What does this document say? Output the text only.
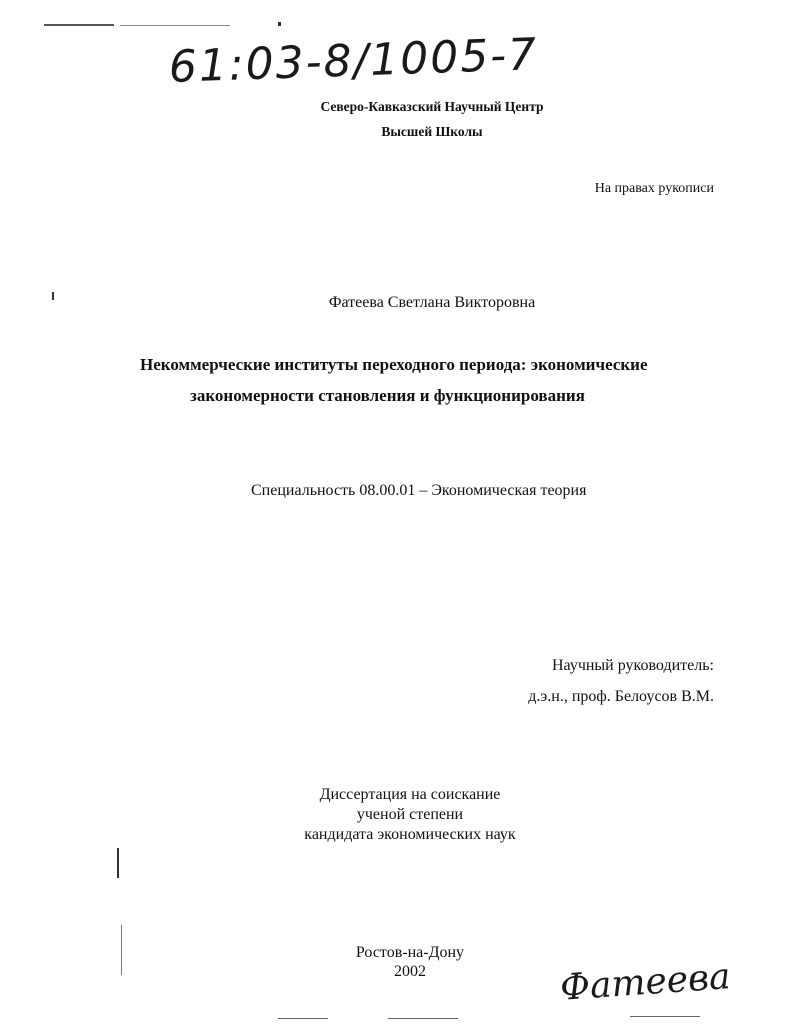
61:03-8/1005-7
Северо-Кавказский Научный Центр
Высшей Школы
На правах рукописи
Фатеева Светлана Викторовна
Некоммерческие институты переходного периода: экономические
закономерности становления и функционирования
Специальность 08.00.01 – Экономическая теория
Научный руководитель:
д.э.н., проф. Белоусов В.М.
Диссертация на соискание
ученой степени
кандидата экономических наук
Ростов-на-Дону
2002	Фатеева
